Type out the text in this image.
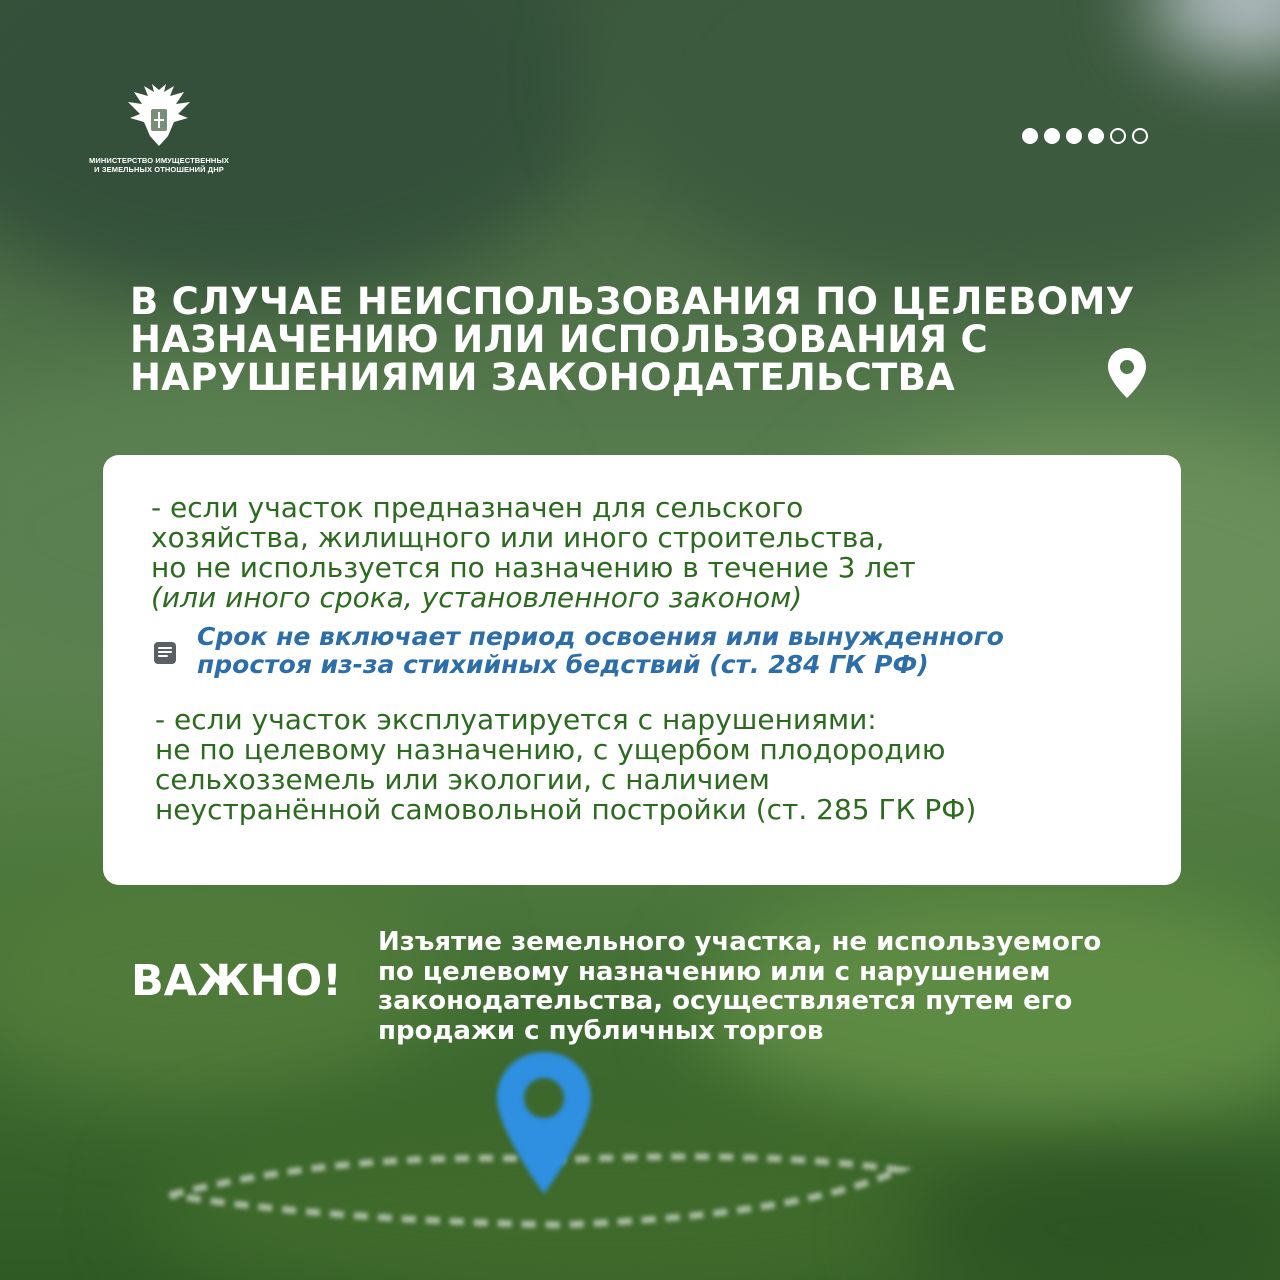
МИНИСТЕРСТВО ИМУЩЕСТВЕННЫХ
И ЗЕМЕЛЬНЫХ ОТНОШЕНИЙ ДНР
В СЛУЧАЕ НЕИСПОЛЬЗОВАНИЯ ПО ЦЕЛЕВОМУ
НАЗНАЧЕНИЮ ИЛИ ИСПОЛЬЗОВАНИЯ С
НАРУШЕНИЯМИ ЗАКОНОДАТЕЛЬСТВА

- если участок предназначен для сельского
хозяйства, жилищного или иного строительства,
но не используется по назначению в течение 3 лет
(или иного срока, установленного законом)

Срок не включает период освоения или вынужденного
простоя из-за стихийных бедствий (ст. 284 ГК РФ)

- если участок эксплуатируется с нарушениями:
не по целевому назначению, с ущербом плодородию
сельхозземель или экологии, с наличием
неустранённой самовольной постройки (ст. 285 ГК РФ)

ВАЖНО!

Изъятие земельного участка, не используемого
по целевому назначению или с нарушением
законодательства, осуществляется путем его
продажи с публичных торгов
